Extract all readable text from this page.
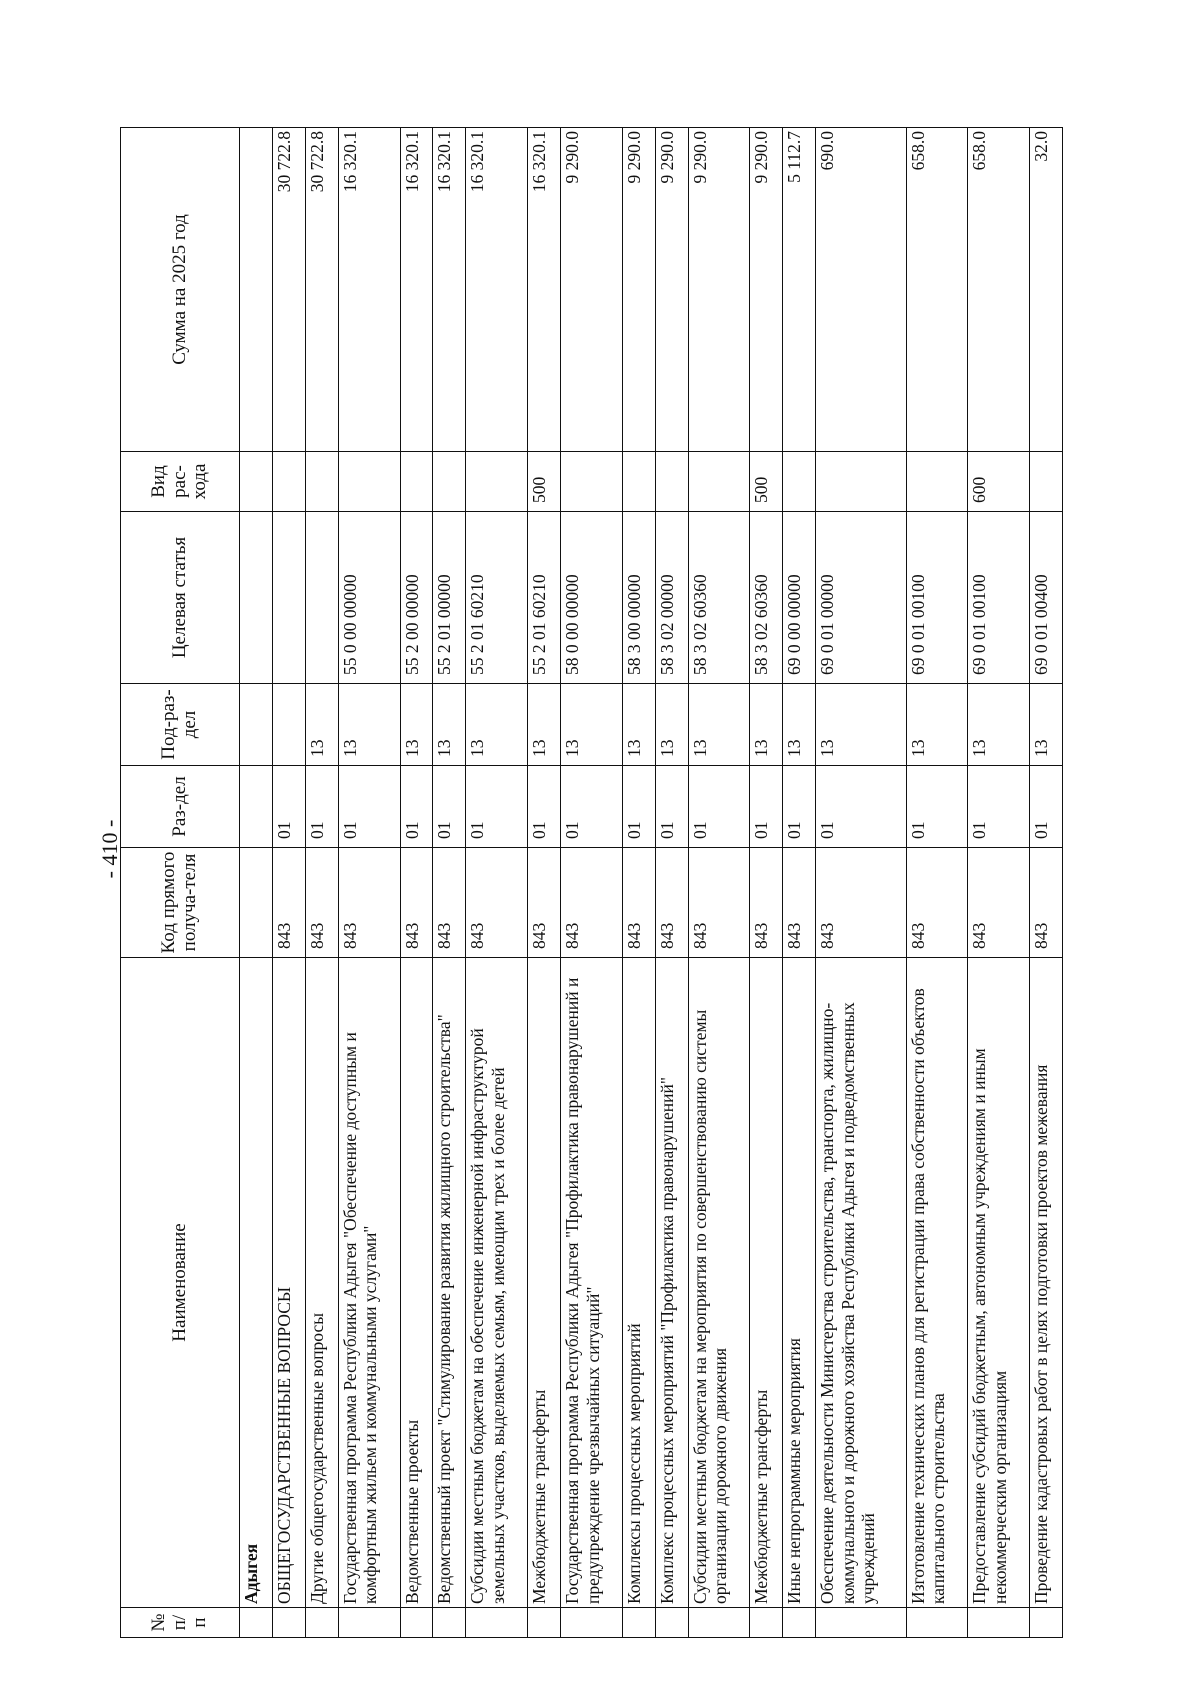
- 410 -
№ п/п	Наименование	Код прямого получа-теля	Раз-дел	Под-раз-дел	Целевая статья	Вид рас-хода	Сумма на 2025 год
	Адыгея						
	ОБЩЕГОСУДАРСТВЕННЫЕ ВОПРОСЫ	843	01				30 722.8
	Другие общегосударственные вопросы	843	01	13			30 722.8
	Государственная программа Республики Адыгея "Обеспечение доступным и комфортным жильем и коммунальными услугами"	843	01	13	55 0 00 00000		16 320.1
	Ведомственные проекты	843	01	13	55 2 00 00000		16 320.1
	Ведомственный проект "Стимулирование развития жилищного строительства"	843	01	13	55 2 01 00000		16 320.1
	Субсидии местным бюджетам на обеспечение инженерной инфраструктурой земельных участков, выделяемых семьям, имеющим трех и более детей	843	01	13	55 2 01 60210		16 320.1
	Межбюджетные трансферты	843	01	13	55 2 01 60210	500	16 320.1
	Государственная программа Республики Адыгея "Профилактика правонарушений и предупреждение чрезвычайных ситуаций"	843	01	13	58 0 00 00000		9 290.0
	Комплексы процессных мероприятий	843	01	13	58 3 00 00000		9 290.0
	Комплекс процессных мероприятий "Профилактика правонарушений"	843	01	13	58 3 02 00000		9 290.0
	Субсидии местным бюджетам на мероприятия по совершенствованию системы организации дорожного движения	843	01	13	58 3 02 60360		9 290.0
	Межбюджетные трансферты	843	01	13	58 3 02 60360	500	9 290.0
	Иные непрограммные мероприятия	843	01	13	69 0 00 00000		5 112.7
	Обеспечение деятельности Министерства строительства, транспорта, жилищно-коммунального и дорожного хозяйства Республики Адыгея и подведомственных учреждений	843	01	13	69 0 01 00000		690.0
	Изготовление технических планов для регистрации права собственности объектов капитального строительства	843	01	13	69 0 01 00100		658.0
	Предоставление субсидий бюджетным, автономным учреждениям и иным некоммерческим организациям	843	01	13	69 0 01 00100	600	658.0
	Проведение кадастровых работ в целях подготовки проектов межевания	843	01	13	69 0 01 00400		32.0
